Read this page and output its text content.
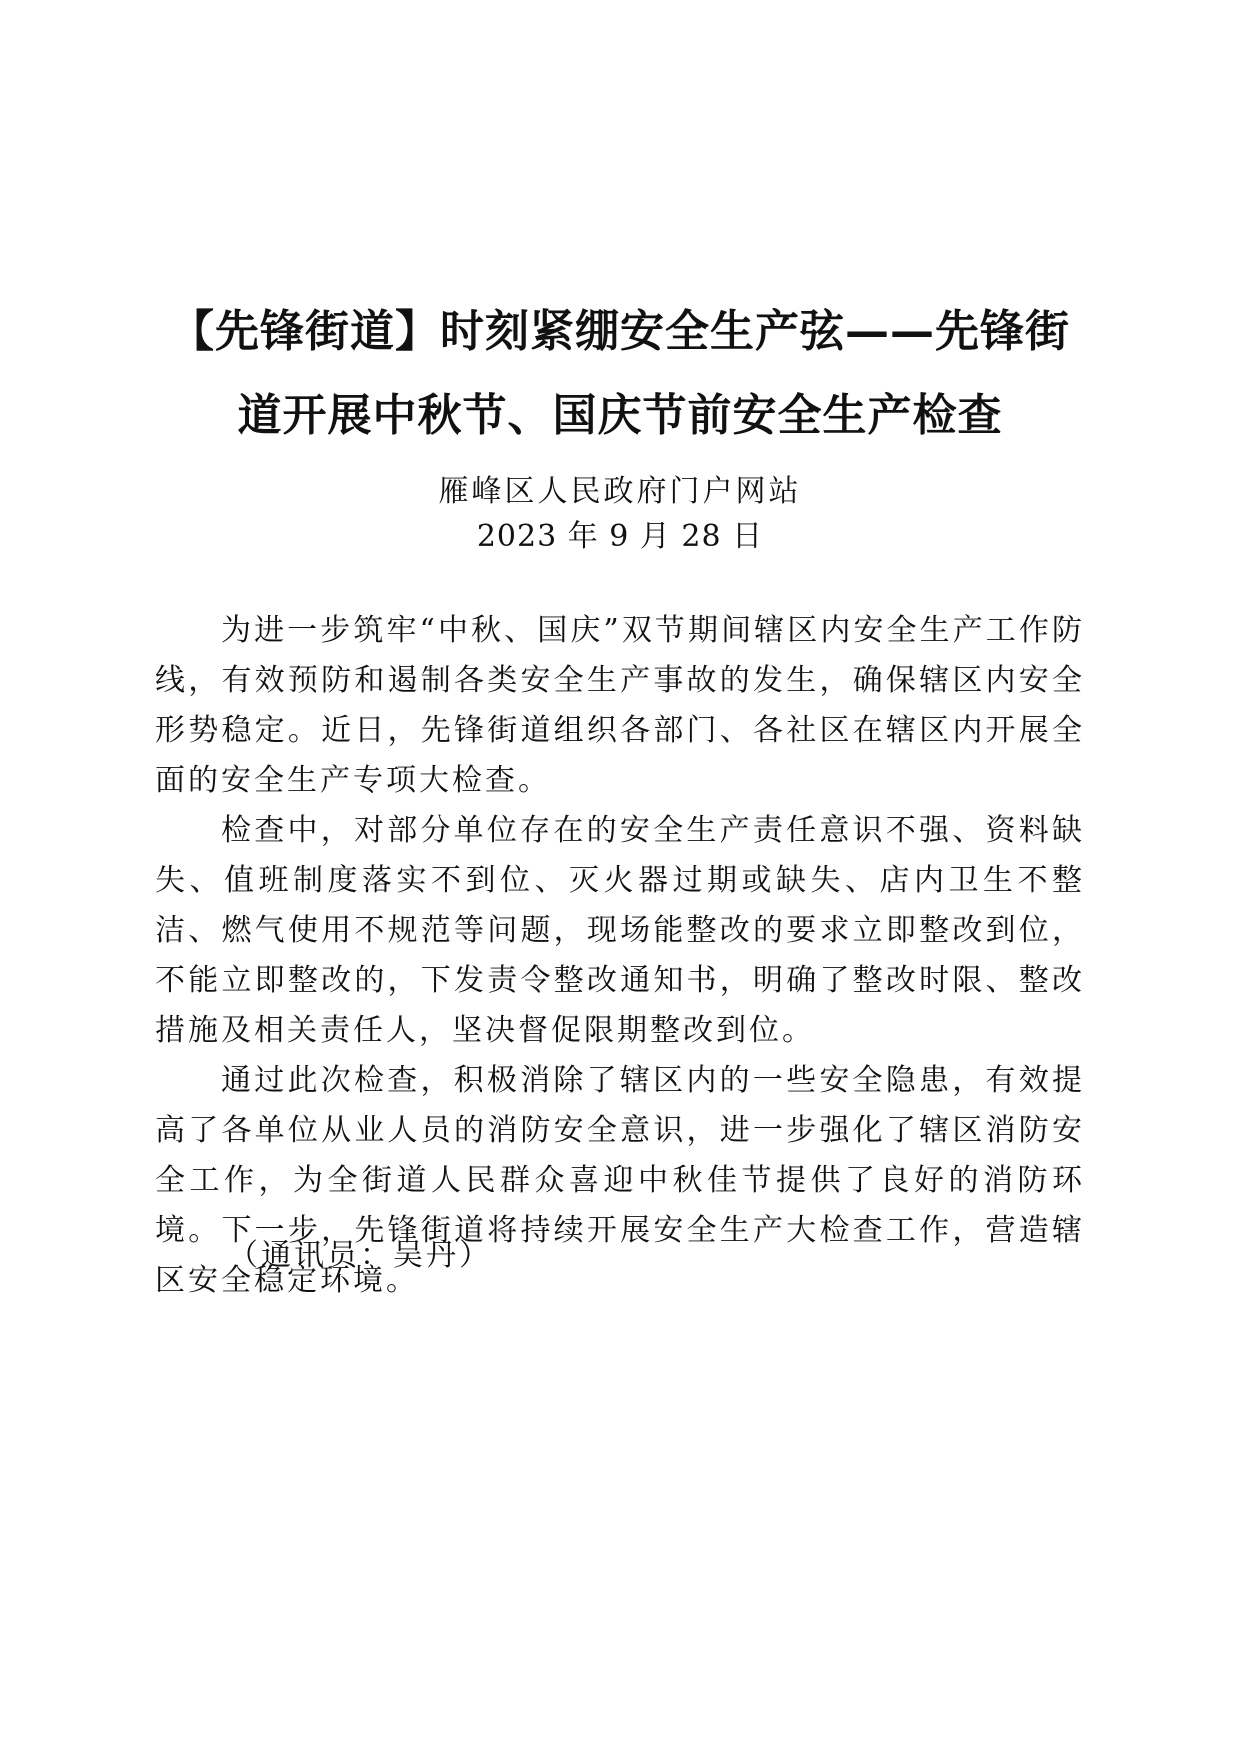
【先锋街道】时刻紧绷安全生产弦——先锋街
道开展中秋节、国庆节前安全生产检查
雁峰区人民政府门户网站
2023 年 9 月 28 日

为进一步筑牢“中秋、国庆”双节期间辖区内安全生产工作防线，有效预防和遏制各类安全生产事故的发生，确保辖区内安全形势稳定。近日，先锋街道组织各部门、各社区在辖区内开展全面的安全生产专项大检查。

检查中，对部分单位存在的安全生产责任意识不强、资料缺失、值班制度落实不到位、灭火器过期或缺失、店内卫生不整洁、燃气使用不规范等问题，现场能整改的要求立即整改到位，不能立即整改的，下发责令整改通知书，明确了整改时限、整改措施及相关责任人，坚决督促限期整改到位。

通过此次检查，积极消除了辖区内的一些安全隐患，有效提高了各单位从业人员的消防安全意识，进一步强化了辖区消防安全工作，为全街道人民群众喜迎中秋佳节提供了良好的消防环境。下一步，先锋街道将持续开展安全生产大检查工作，营造辖区安全稳定环境。

（通讯员：吴丹）
